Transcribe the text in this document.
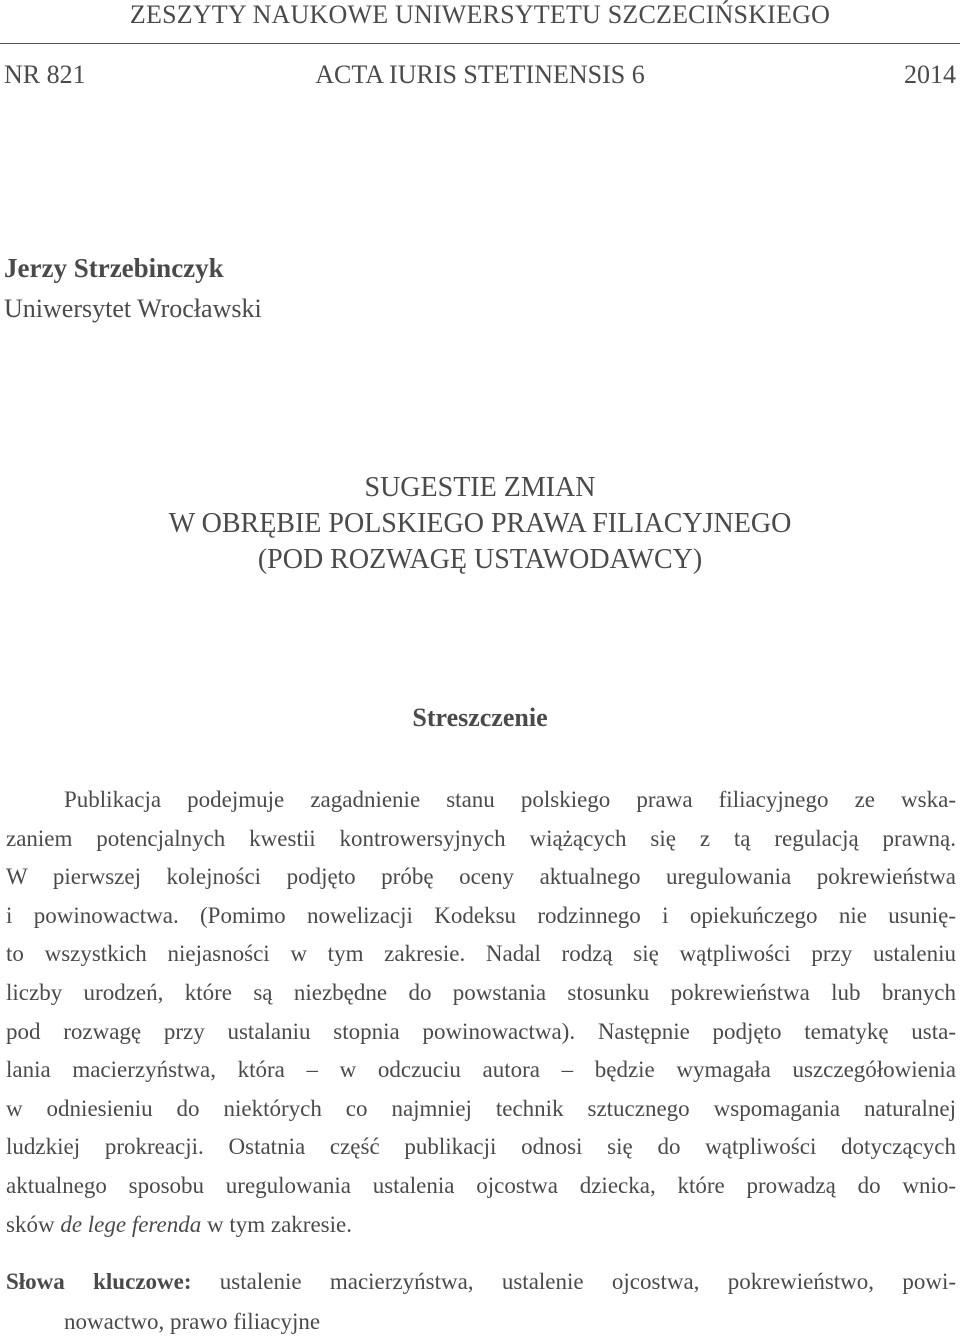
ZESZYTY NAUKOWE UNIWERSYTETU SZCZECIŃSKIEGO
ACTA IURIS STETINENSIS 6
NR 821	2014
Jerzy Strzebinczyk
Uniwersytet Wrocławski
SUGESTIE ZMIAN
W OBRĘBIE POLSKIEGO PRAWA FILIACYJNEGO
(POD ROZWAGĘ USTAWODAWCY)
Streszczenie
Publikacja podejmuje zagadnienie stanu polskiego prawa filiacyjnego ze wska-
zaniem potencjalnych kwestii kontrowersyjnych wiążących się z tą regulacją prawną.
W pierwszej kolejności podjęto próbę oceny aktualnego uregulowania pokrewieństwa
i powinowactwa. (Pomimo nowelizacji Kodeksu rodzinnego i opiekuńczego nie usunię-
to wszystkich niejasności w tym zakresie. Nadal rodzą się wątpliwości przy ustaleniu
liczby urodzeń, które są niezbędne do powstania stosunku pokrewieństwa lub branych
pod rozwagę przy ustalaniu stopnia powinowactwa). Następnie podjęto tematykę usta-
lania macierzyństwa, która – w odczuciu autora – będzie wymagała uszczegółowienia
w odniesieniu do niektórych co najmniej technik sztucznego wspomagania naturalnej
ludzkiej prokreacji. Ostatnia część publikacji odnosi się do wątpliwości dotyczących
aktualnego sposobu uregulowania ustalenia ojcostwa dziecka, które prowadzą do wnio-
sków de lege ferenda w tym zakresie.
Słowa kluczowe: ustalenie macierzyństwa, ustalenie ojcostwa, pokrewieństwo, powi-
nowactwo, prawo filiacyjne
